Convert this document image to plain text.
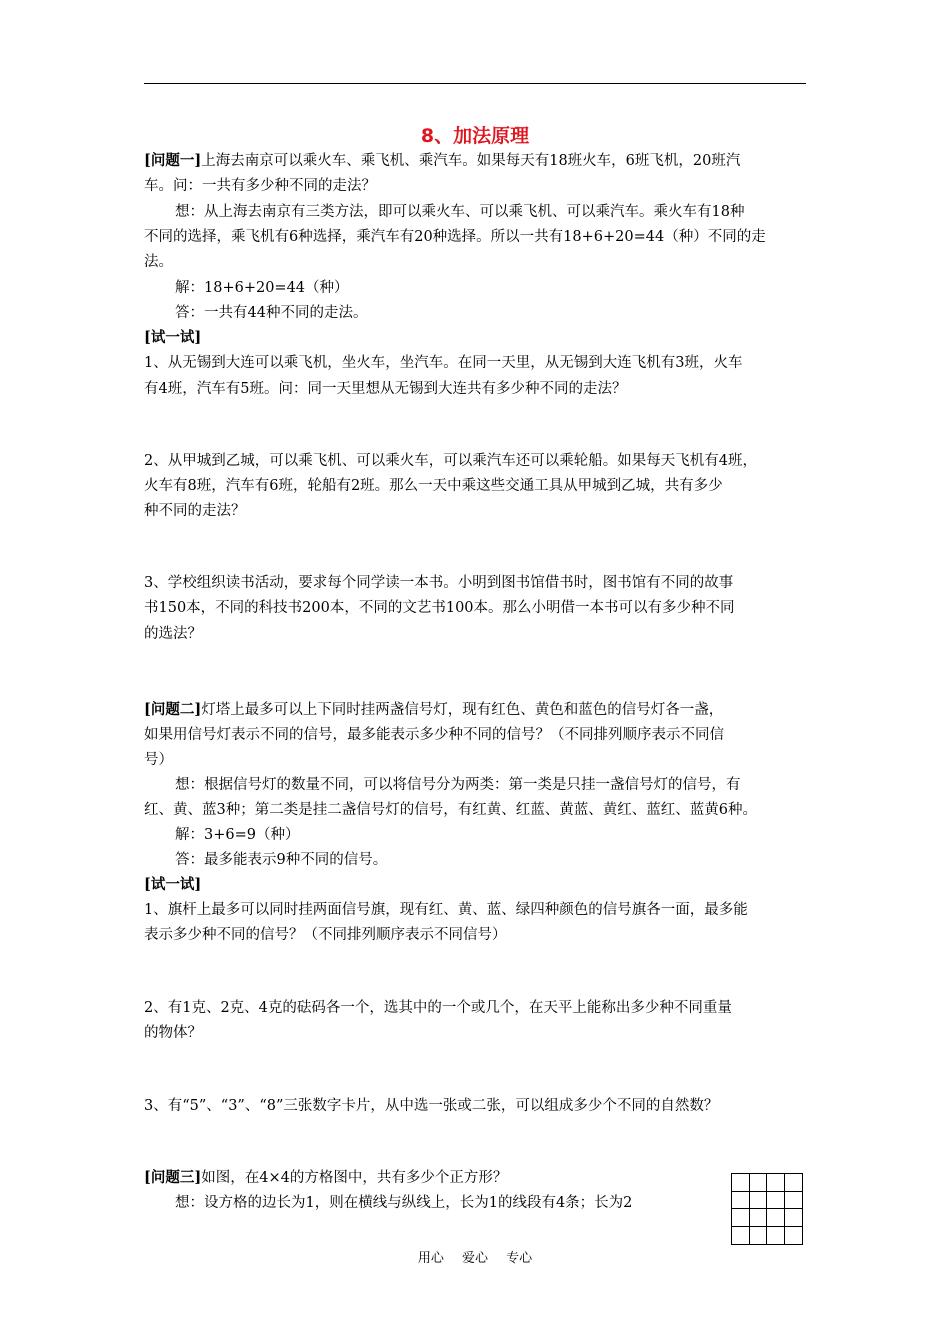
8、加法原理
[问题一]上海去南京可以乘火车、乘飞机、乘汽车。如果每天有18班火车，6班飞机，20班汽
车。问：一共有多少种不同的走法？
想：从上海去南京有三类方法，即可以乘火车、可以乘飞机、可以乘汽车。乘火车有18种
不同的选择，乘飞机有6种选择，乘汽车有20种选择。所以一共有18+6+20=44（种）不同的走
法。
解：18+6+20=44（种）
答：一共有44种不同的走法。
[试一试]
1、从无锡到大连可以乘飞机，坐火车，坐汽车。在同一天里，从无锡到大连飞机有3班，火车
有4班，汽车有5班。问：同一天里想从无锡到大连共有多少种不同的走法？
2、从甲城到乙城，可以乘飞机、可以乘火车，可以乘汽车还可以乘轮船。如果每天飞机有4班，
火车有8班，汽车有6班，轮船有2班。那么一天中乘这些交通工具从甲城到乙城，共有多少
种不同的走法？
3、学校组织读书活动，要求每个同学读一本书。小明到图书馆借书时，图书馆有不同的故事
书150本，不同的科技书200本，不同的文艺书100本。那么小明借一本书可以有多少种不同
的选法？
[问题二]灯塔上最多可以上下同时挂两盏信号灯，现有红色、黄色和蓝色的信号灯各一盏，
如果用信号灯表示不同的信号，最多能表示多少种不同的信号？（不同排列顺序表示不同信
号）
想：根据信号灯的数量不同，可以将信号分为两类：第一类是只挂一盏信号灯的信号，有
红、黄、蓝3种；第二类是挂二盏信号灯的信号，有红黄、红蓝、黄蓝、黄红、蓝红、蓝黄6种。
解：3+6=9（种）
答：最多能表示9种不同的信号。
[试一试]
1、旗杆上最多可以同时挂两面信号旗，现有红、黄、蓝、绿四种颜色的信号旗各一面，最多能
表示多少种不同的信号？（不同排列顺序表示不同信号）
2、有1克、2克、4克的砝码各一个，选其中的一个或几个，在天平上能称出多少种不同重量
的物体？
3、有“5”、“3”、“8”三张数字卡片，从中选一张或二张，可以组成多少个不同的自然数？
[问题三]如图，在4×4的方格图中，共有多少个正方形？
想：设方格的边长为1，则在横线与纵线上，长为1的线段有4条；长为2
用心 爱心 专心
